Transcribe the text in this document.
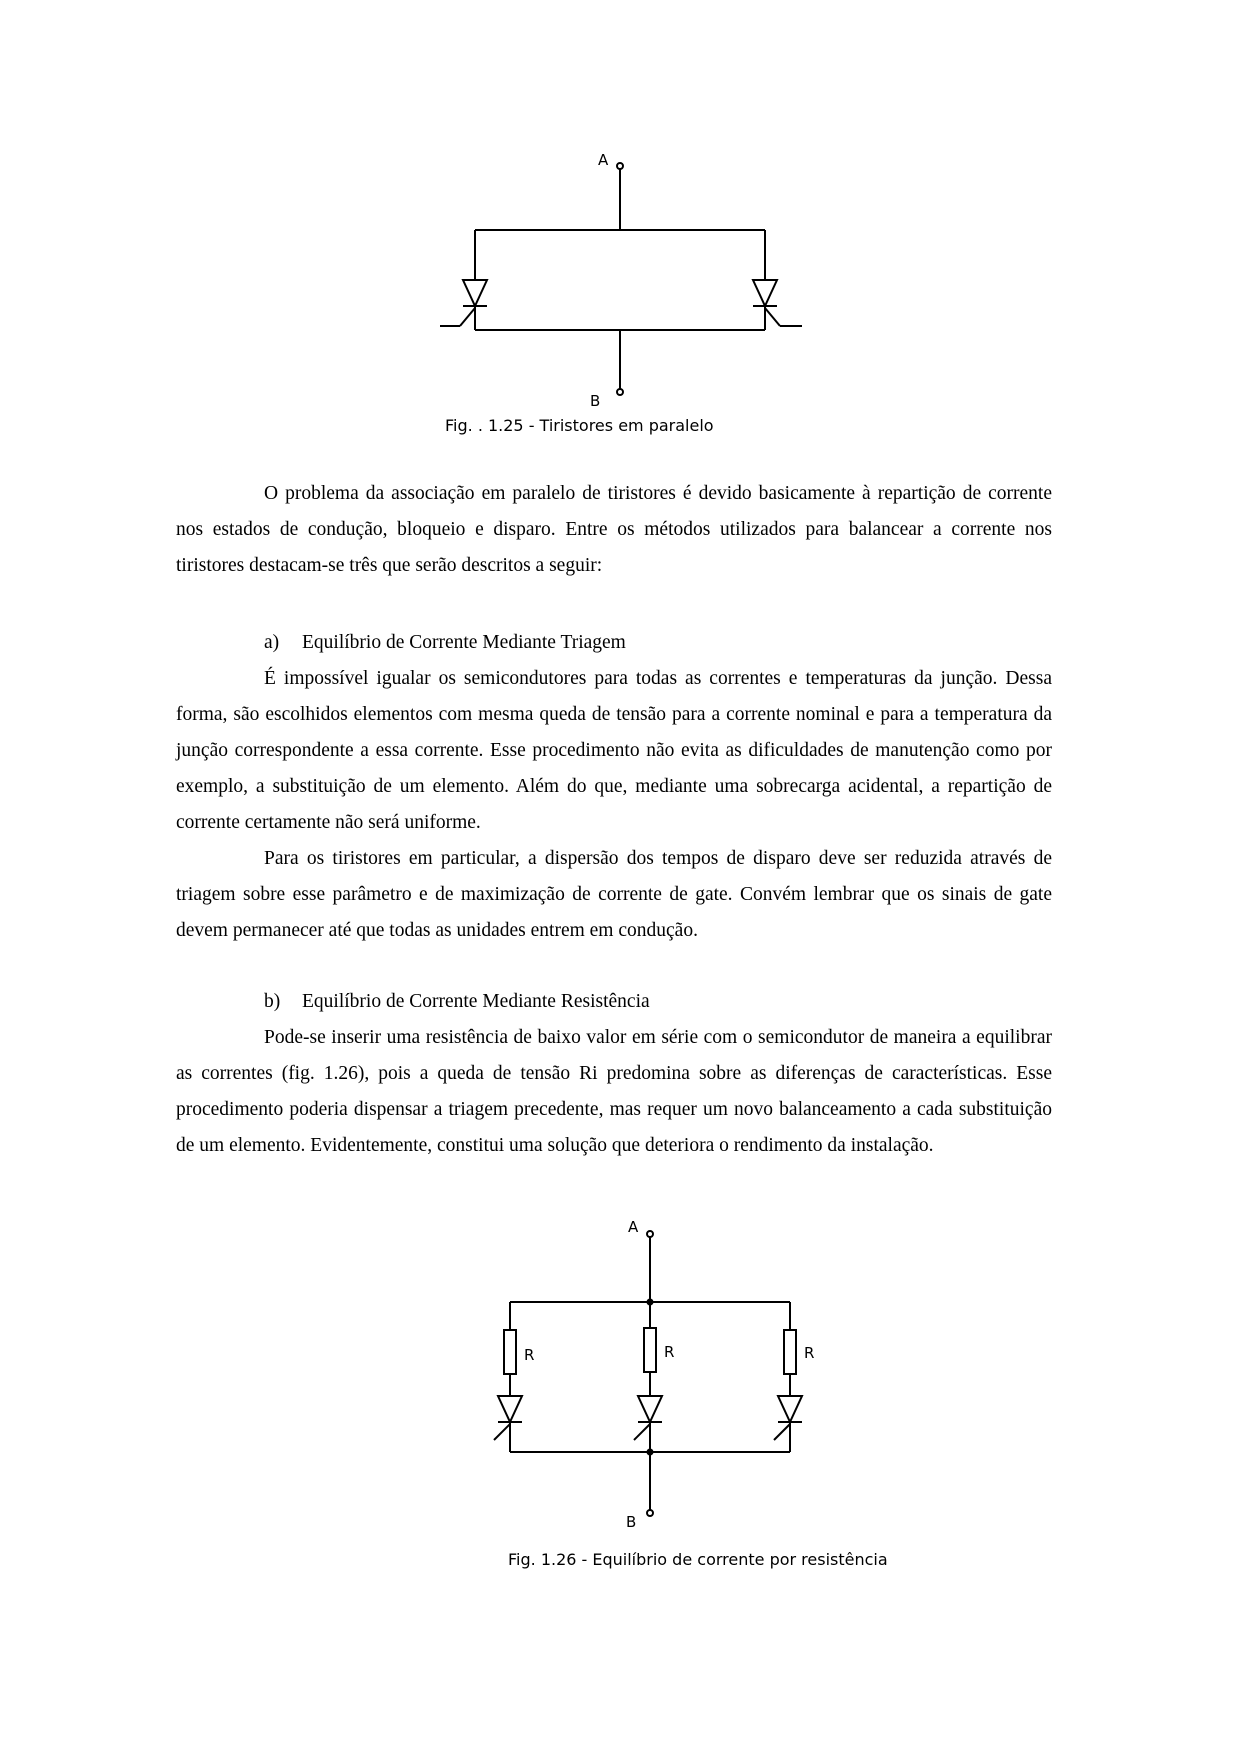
A
B
Fig. . 1.25 - Tiristores em paralelo

O problema da associação em paralelo de tiristores é devido basicamente à repartição de corrente nos estados de condução, bloqueio e disparo. Entre os métodos utilizados para balancear a corrente nos tiristores destacam-se três que serão descritos a seguir:

a) Equilíbrio de Corrente Mediante Triagem

É impossível igualar os semicondutores para todas as correntes e temperaturas da junção. Dessa forma, são escolhidos elementos com mesma queda de tensão para a corrente nominal e para a temperatura da junção correspondente a essa corrente. Esse procedimento não evita as dificuldades de manutenção como por exemplo, a substituição de um elemento. Além do que, mediante uma sobrecarga acidental, a repartição de corrente certamente não será uniforme.

Para os tiristores em particular, a dispersão dos tempos de disparo deve ser reduzida através de triagem sobre esse parâmetro e de maximização de corrente de gate. Convém lembrar que os sinais de gate devem permanecer até que todas as unidades entrem em condução.

b) Equilíbrio de Corrente Mediante Resistência

Pode-se inserir uma resistência de baixo valor em série com o semicondutor de maneira a equilibrar as correntes (fig. 1.26), pois a queda de tensão Ri predomina sobre as diferenças de características. Esse procedimento poderia dispensar a triagem precedente, mas requer um novo balanceamento a cada substituição de um elemento. Evidentemente, constitui uma solução que deteriora o rendimento da instalação.

A
B
R	R	R
Fig. 1.26 - Equilíbrio de corrente por resistência
